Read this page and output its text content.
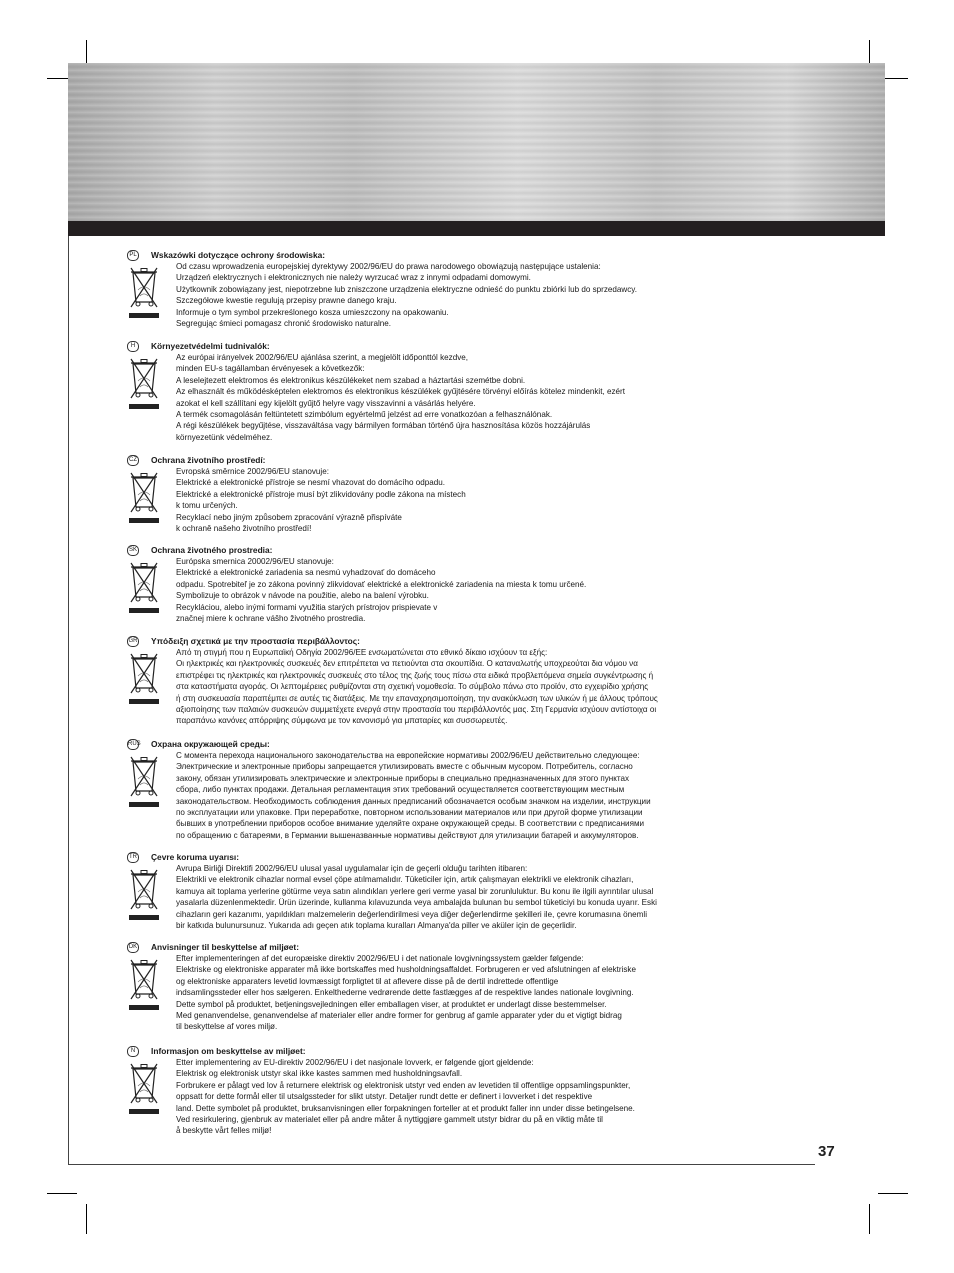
37
PL Wskazówki dotyczące ochrony środowiska:
Od czasu wprowadzenia europejskiej dyrektywy 2002/96/EU do prawa narodowego obowiązują następujące ustalenia:
Urządzeń elektrycznych i elektronicznych nie należy wyrzucać wraz z innymi odpadami domowymi.
Użytkownik zobowiązany jest, niepotrzebne lub zniszczone urządzenia elektryczne odnieść do punktu zbiórki lub do sprzedawcy.
Szczegółowe kwestie regulują przepisy prawne danego kraju.
Informuje o tym symbol przekreślonego kosza umieszczony na opakowaniu.
Segregując śmieci pomagasz chronić środowisko naturalne.
H	Környezetvédelmi tudnivalók:
Az európai irányelvek 2002/96/EU ajánlása szerint, a megjelölt időponttól kezdve,
minden EU-s tagállamban érvényesek a következők:
A leselejtezett elektromos és elektronikus készülékeket nem szabad a háztartási szemétbe dobni.
Az elhasznált és működésképtelen elektromos és elektronikus készülékek gyűjtésére törvényi előírás kötelez mindenkit, ezért
azokat el kell szállítani egy kijelölt gyűjtő helyre vagy visszavinni a vásárlás helyére.
A termék csomagolásán feltüntetett szimbólum egyértelmű jelzést ad erre vonatkozóan a felhasználónak.
A régi készülékek begyűjtése, visszaváltása vagy bármilyen formában történő újra hasznosítása közös hozzájárulás
környezetünk védelméhez.
CZ Ochrana životního prostředí:
Evropská směrnice 2002/96/EU stanovuje:
Elektrické a elektronické přístroje se nesmí vhazovat do domácího odpadu.
Elektrické a elektronické přístroje musí být zlikvidovány podle zákona na místech
k tomu určených.
Recyklací nebo jiným způsobem zpracování výrazně přispíváte
k ochraně našeho životního prostředí!
SK Ochrana životného prostredia:
Európska smernica 20002/96/EU stanovuje:
Elektrické a elektronické zariadenia sa nesmú vyhadzovať do domáceho
odpadu. Spotrebiteľ je zo zákona povinný zlikvidovať elektrické a elektronické zariadenia na miesta k tomu určené.
Symbolizuje to obrázok v návode na použitie, alebo na balení výrobku.
Recykláciou, alebo inými formami využitia starých prístrojov prispievate v
značnej miere k ochrane vášho životného prostredia.
GR Υπόδειξη σχετικά με την προστασία περιβάλλοντος:
Από τη στιγμή που η Ευρωπαϊκή Οδηγία 2002/96/ΕΕ ενσωματώνεται στο εθνικό δίκαιο ισχύουν τα εξής:
Οι ηλεκτρικές και ηλεκτρονικές συσκευές δεν επιτρέπεται να πετιούνται στα σκουπίδια. Ο καταναλωτής υποχρεούται δια νόμου να
επιστρέφει τις ηλεκτρικές και ηλεκτρονικές συσκευές στο τέλος της ζωής τους πίσω στα ειδικά προβλεπόμενα σημεία συγκέντρωσης ή
στα καταστήματα αγοράς. Οι λεπτομέρειες ρυθμίζονται στη σχετική νομοθεσία. Το σύμβολο πάνω στο προϊόν, στο εγχειρίδιο χρήσης
ή στη συσκευασία παραπέμπει σε αυτές τις διατάξεις. Με την επαναχρησιμοποίηση, την ανακύκλωση των υλικών ή με άλλους τρόπους
αξιοποίησης των παλαιών συσκευών συμμετέχετε ενεργά στην προστασία του περιβάλλοντός μας. Στη Γερμανία ισχύουν αντίστοιχα οι
παραπάνω κανόνες απόρριψης σύμφωνα με τον κανονισμό για μπαταρίες και συσσωρευτές.
RUS Охрана окружающей среды:
С момента перехода национального законодательства на европейские нормативы 2002/96/EU действительно следующее:
Электрические и электронные приборы запрещается утилизировать вместе с обычным мусором. Потребитель, согласно
закону, обязан утилизировать электрические и электронные приборы в специально предназначенных для этого пунктах
сбора, либо пунктах продажи. Детальная регламентация этих требований осуществляется соответствующим местным
законодательством. Необходимость соблюдения данных предписаний обозначается особым значком на изделии, инструкции
по эксплуатации или упаковке. При переработке, повторном использовании материалов или при другой форме утилизации
бывших в употреблении приборов особое внимание уделяйте охране окружающей среды. В соответствии с предписаниями
по обращению с батареями, в Германии вышеназванные нормативы действуют для утилизации батарей и аккумуляторов.
TR Çevre koruma uyarısı:
Avrupa Birliği Direktifi 2002/96/EU ulusal yasal uygulamalar için de geçerli olduğu tarihten itibaren:
Elektrikli ve elektronik cihazlar normal evsel çöpe atılmamalıdır. Tüketiciler için, artık çalışmayan elektrikli ve elektronik cihazları,
kamuya ait toplama yerlerine götürme veya satın alındıkları yerlere geri verme yasal bir zorunluluktur. Bu konu ile ilgili ayrıntılar ulusal
yasalarla düzenlenmektedir. Ürün üzerinde, kullanma kılavuzunda veya ambalajda bulunan bu sembol tüketiciyi bu konuda uyarır. Eski
cihazların geri kazanımı, yapıldıkları malzemelerin değerlendirilmesi veya diğer değerlendirme şekilleri ile, çevre korumasına önemli
bir katkıda bulunursunuz. Yukarıda adı geçen atık toplama kuralları Almanya'da piller ve aküler için de geçerlidir.
DK Anvisninger til beskyttelse af miljøet:
Efter implementeringen af det europæiske direktiv 2002/96/EU i det nationale lovgivningssystem gælder følgende:
Elektriske og elektroniske apparater må ikke bortskaffes med husholdningsaffaldet. Forbrugeren er ved afslutningen af elektriske
og elektroniske apparaters levetid lovmæssigt forpligtet til at aflevere disse på de dertil indrettede offentlige
indsamlingssteder eller hos sælgeren. Enkelthederne vedrørende dette fastlægges af de respektive landes nationale lovgivning.
Dette symbol på produktet, betjeningsvejledningen eller emballagen viser, at produktet er underlagt disse bestemmelser.
Med genanvendelse, genanvendelse af materialer eller andre former for genbrug af gamle apparater yder du et vigtigt bidrag
til beskyttelse af vores miljø.
N	Informasjon om beskyttelse av miljøet:
Etter implementering av EU-direktiv 2002/96/EU i det nasjonale lovverk, er følgende gjort gjeldende:
Elektrisk og elektronisk utstyr skal ikke kastes sammen med husholdningsavfall.
Forbrukere er pålagt ved lov å returnere elektrisk og elektronisk utstyr ved enden av levetiden til offentlige oppsamlingspunkter,
oppsatt for dette formål eller til utsalgssteder for slikt utstyr. Detaljer rundt dette er definert i lovverket i det respektive
land. Dette symbolet på produktet, bruksanvisningen eller forpakningen forteller at et produkt faller inn under disse betingelsene.
Ved resirkulering, gjenbruk av materialet eller på andre måter å nyttiggjøre gammelt utstyr bidrar du på en viktig måte til
å beskytte vårt felles miljø!
